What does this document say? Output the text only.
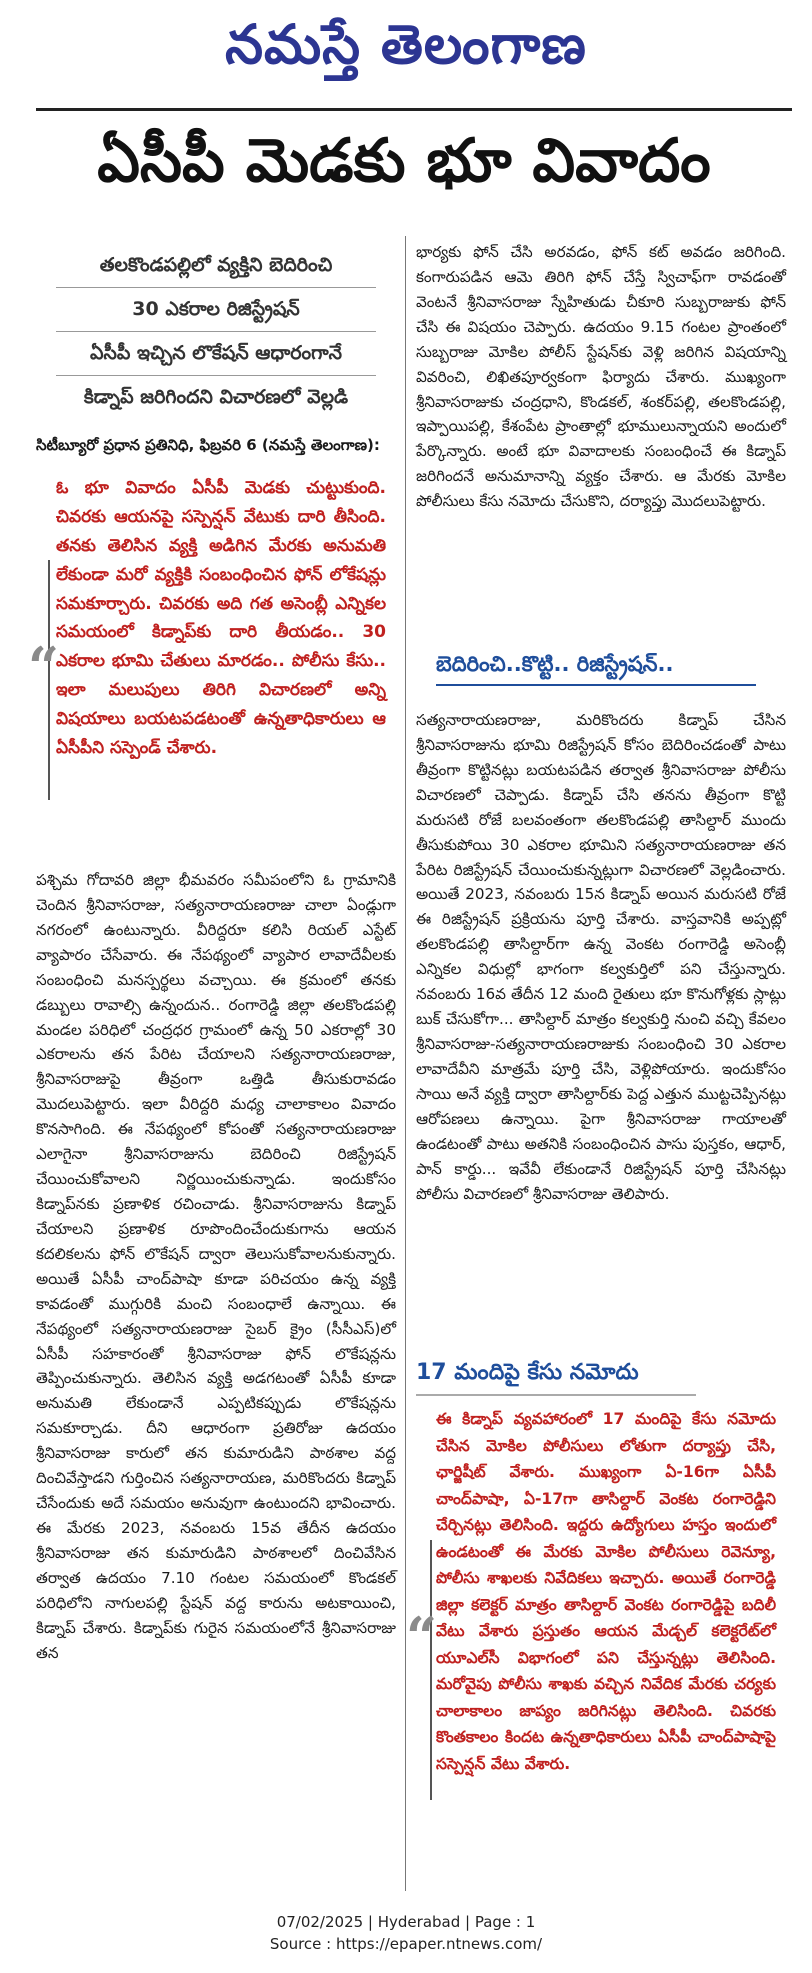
నమస్తే తెలంగాణ
ఏసీపీ మెడకు భూ వివాదం
తలకొండపల్లిలో వ్యక్తిని బెదిరించి
30 ఎకరాల రిజిస్ట్రేషన్
ఏసీపీ ఇచ్చిన లొకేషన్ ఆధారంగానే
కిడ్నాప్ జరిగిందని విచారణలో వెల్లడి
సిటీబ్యూరో ప్రధాన ప్రతినిధి, ఫిబ్రవరి 6 (నమస్తే తెలంగాణ):
“
ఓ భూ వివాదం ఏసీపీ మెడకు చుట్టుకుంది. చివరకు ఆయనపై సస్పెన్షన్ వేటుకు దారి తీసింది. తనకు తెలిసిన వ్యక్తి అడిగిన మేరకు అనుమతి లేకుండా మరో వ్యక్తికి సంబంధించిన ఫోన్ లోకేషన్లు సమకూర్చారు. చివరకు అది గత అసెంబ్లీ ఎన్నికల సమయంలో కిడ్నాప్‌కు దారి తీయడం.. 30 ఎకరాల భూమి చేతులు మారడం.. పోలీసు కేసు.. ఇలా మలుపులు తిరిగి విచారణలో అన్ని విషయాలు బయటపడటంతో ఉన్నతాధికారులు ఆ ఏసీపీని సస్పెండ్ చేశారు.

పశ్చిమ గోదావరి జిల్లా భీమవరం సమీపంలోని ఓ గ్రామానికి చెందిన శ్రీనివాసరాజు, సత్యనారాయణరాజు చాలా ఏండ్లుగా నగరంలో ఉంటున్నారు. వీరిద్దరూ కలిసి రియల్ ఎస్టేట్ వ్యాపారం చేసేవారు. ఈ నేపథ్యంలో వ్యాపార లావాదేవీలకు సంబంధించి మనస్పర్థలు వచ్చాయి. ఈ క్రమంలో తనకు డబ్బులు రావాల్సి ఉన్నందున.. రంగారెడ్డి జిల్లా తలకొండపల్లి మండల పరిధిలో చంద్రధర గ్రామంలో ఉన్న 50 ఎకరాల్లో 30 ఎకరాలను తన పేరిట చేయాలని సత్యనారాయణరాజు, శ్రీనివాసరాజుపై తీవ్రంగా ఒత్తిడి తీసుకురావడం మొదలుపెట్టారు. ఇలా వీరిద్దరి మధ్య చాలాకాలం వివాదం కొనసాగింది. ఈ నేపథ్యంలో కోపంతో సత్యనారాయణరాజు ఎలాగైనా శ్రీనివాసరాజును బెదిరించి రిజిస్ట్రేషన్ చేయించుకోవాలని నిర్ణయించుకున్నాడు. ఇందుకోసం కిడ్నాప్‌నకు ప్రణాళిక రచించాడు. శ్రీనివాసరాజును కిడ్నాప్ చేయాలని ప్రణాళిక రూపొందించేందుకుగాను ఆయన కదలికలను ఫోన్ లొకేషన్ ద్వారా తెలుసుకోవాలనుకున్నారు. అయితే ఏసీపీ చాంద్‌పాషా కూడా పరిచయం ఉన్న వ్యక్తి కావడంతో ముగ్గురికి మంచి సంబంధాలే ఉన్నాయి. ఈ నేపథ్యంలో సత్యనారాయణరాజు సైబర్ క్రైం (సీసీఎస్)లో ఏసీపీ సహకారంతో శ్రీనివాసరాజు ఫోన్ లొకేషన్లను తెప్పించుకున్నారు. తెలిసిన వ్యక్తి అడగటంతో ఏసీపీ కూడా అనుమతి లేకుండానే ఎప్పటికప్పుడు లొకేషన్లను సమకూర్చాడు. దీని ఆధారంగా ప్రతిరోజు ఉదయం శ్రీనివాసరాజు కారులో తన కుమారుడిని పాఠశాల వద్ద దించివేస్తాడని గుర్తించిన సత్యనారాయణ, మరికొందరు కిడ్నాప్ చేసేందుకు అదే సమయం అనువుగా ఉంటుందని భావించారు. ఈ మేరకు 2023, నవంబరు 15వ తేదీన ఉదయం శ్రీనివాసరాజు తన కుమారుడిని పాఠశాలలో దించివేసిన తర్వాత ఉదయం 7.10 గంటల సమయంలో కొండకల్ పరిధిలోని నాగులపల్లి స్టేషన్ వద్ద కారును అటకాయించి, కిడ్నాప్ చేశారు. కిడ్నాప్‌కు గురైన సమయంలోనే శ్రీనివాసరాజు తన

భార్యకు ఫోన్ చేసి అరవడం, ఫోన్ కట్ అవడం జరిగింది. కంగారుపడిన ఆమె తిరిగి ఫోన్ చేస్తే స్విచాఫ్‌గా రావడంతో వెంటనే శ్రీనివాసరాజు స్నేహితుడు చీకూరి సుబ్బరాజుకు ఫోన్ చేసి ఈ విషయం చెప్పారు. ఉదయం 9.15 గంటల ప్రాంతంలో సుబ్బరాజు మోకిల పోలీస్ స్టేషన్‌కు వెళ్లి జరిగిన విషయాన్ని వివరించి, లిఖితపూర్వకంగా ఫిర్యాదు చేశారు. ముఖ్యంగా శ్రీనివాసరాజుకు చంద్రధాని, కొండకల్, శంకర్‌పల్లి, తలకొండపల్లి, ఇప్పాయిపల్లి, కేశంపేట ప్రాంతాల్లో భూములున్నాయని అందులో పేర్కొన్నారు. అంటే భూ వివాదాలకు సంబంధించే ఈ కిడ్నాప్ జరిగిందనే అనుమానాన్ని వ్యక్తం చేశారు. ఆ మేరకు మోకిల పోలీసులు కేసు నమోదు చేసుకొని, దర్యాప్తు మొదలుపెట్టారు.

బెదిరించి..కొట్టి.. రిజిస్ట్రేషన్..

సత్యనారాయణరాజు, మరికొందరు కిడ్నాప్ చేసిన శ్రీనివాసరాజును భూమి రిజిస్ట్రేషన్ కోసం బెదిరించడంతో పాటు తీవ్రంగా కొట్టినట్లు బయటపడిన తర్వాత శ్రీనివాసరాజు పోలీసు విచారణలో చెప్పాడు. కిడ్నాప్ చేసి తనను తీవ్రంగా కొట్టి మరుసటి రోజే బలవంతంగా తలకొండపల్లి తాసిల్దార్ ముందు తీసుకుపోయి 30 ఎకరాల భూమిని సత్యనారాయణరాజు తన పేరిట రిజిస్ట్రేషన్ చేయించుకున్నట్లుగా విచారణలో వెల్లడించారు. అయితే 2023, నవంబరు 15న కిడ్నాప్ అయిన మరుసటి రోజే ఈ రిజిస్ట్రేషన్ ప్రక్రియను పూర్తి చేశారు. వాస్తవానికి అప్పట్లో తలకొండపల్లి తాసిల్దార్‌గా ఉన్న వెంకట రంగారెడ్డి అసెంబ్లీ ఎన్నికల విధుల్లో భాగంగా కల్వకుర్తిలో పని చేస్తున్నారు. నవంబరు 16వ తేదీన 12 మంది రైతులు భూ కొనుగోళ్లకు స్లాట్లు బుక్ చేసుకోగా... తాసిల్దార్ మాత్రం కల్వకుర్తి నుంచి వచ్చి కేవలం శ్రీనివాసరాజు-సత్యనారాయణరాజుకు సంబంధించి 30 ఎకరాల లావాదేవీని మాత్రమే పూర్తి చేసి, వెళ్లిపోయారు. ఇందుకోసం సాయి అనే వ్యక్తి ద్వారా తాసిల్దార్‌కు పెద్ద ఎత్తున ముట్టచెప్పినట్లు ఆరోపణలు ఉన్నాయి. పైగా శ్రీనివాసరాజు గాయాలతో ఉండటంతో పాటు అతనికి సంబంధించిన పాసు పుస్తకం, ఆధార్, పాన్ కార్డు... ఇవేవీ లేకుండానే రిజిస్ట్రేషన్ పూర్తి చేసినట్లు పోలీసు విచారణలో శ్రీనివాసరాజు తెలిపారు.

17 మందిపై కేసు నమోదు
“
ఈ కిడ్నాప్ వ్యవహారంలో 17 మందిపై కేసు నమోదు చేసిన మోకిల పోలీసులు లోతుగా దర్యాప్తు చేసి, ఛార్జిషీట్ వేశారు. ముఖ్యంగా ఏ-16గా ఏసీపీ చాంద్‌పాషా, ఏ-17గా తాసిల్దార్ వెంకట రంగారెడ్డిని చేర్చినట్లు తెలిసింది. ఇద్దరు ఉద్యోగులు హస్తం ఇందులో ఉండటంతో ఈ మేరకు మోకిల పోలీసులు రెవెన్యూ, పోలీసు శాఖలకు నివేదికలు ఇచ్చారు. అయితే రంగారెడ్డి జిల్లా కలెక్టర్ మాత్రం తాసిల్దార్ వెంకట రంగారెడ్డిపై బదిలీ వేటు వేశారు ప్రస్తుతం ఆయన మేడ్చల్ కలెక్టరేట్‌లో యూఎల్‌సీ విభాగంలో పని చేస్తున్నట్లు తెలిసింది. మరోవైపు పోలీసు శాఖకు వచ్చిన నివేదిక మేరకు చర్యకు చాలాకాలం జాప్యం జరిగినట్లు తెలిసింది. చివరకు కొంతకాలం కిందట ఉన్నతాధికారులు ఏసీపీ చాంద్‌పాషాపై సస్పెన్షన్ వేటు వేశారు.
07/02/2025 | Hyderabad | Page : 1
Source : https://epaper.ntnews.com/
